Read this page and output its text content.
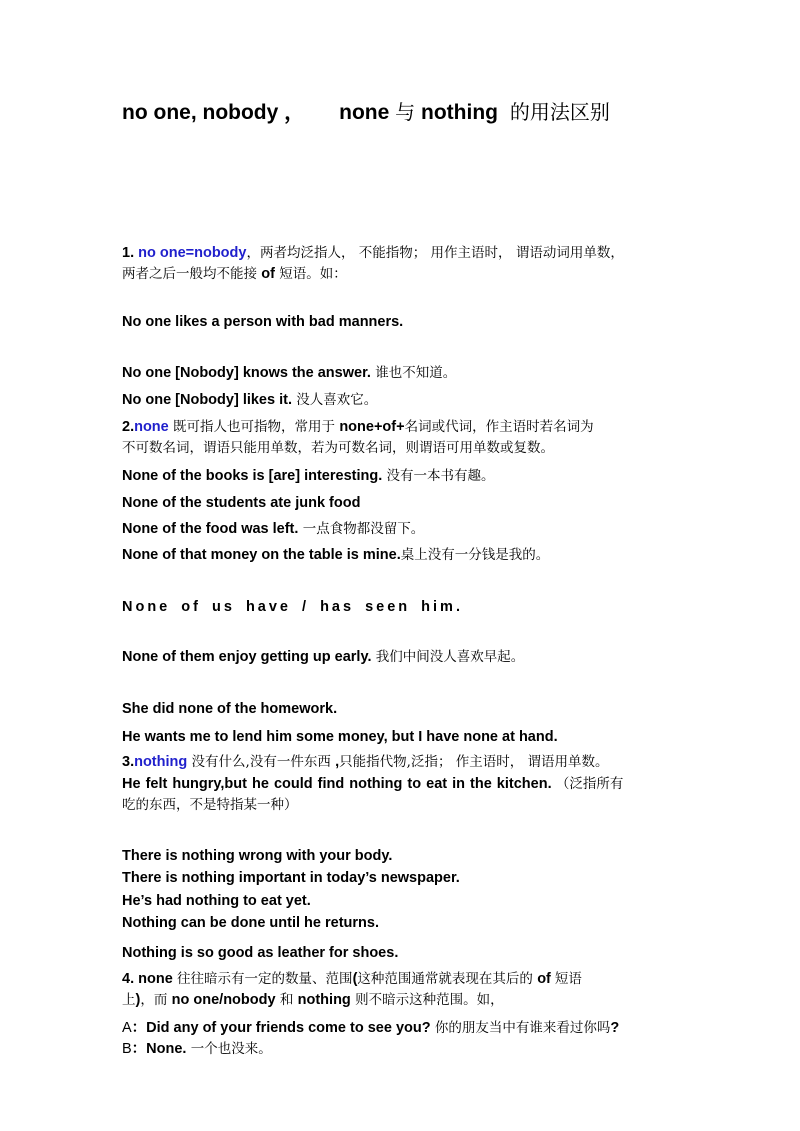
no one, nobody ， none 与 nothing 的用法区别
1. no one=nobody，两者均泛指人， 不能指物； 用作主语时， 谓语动词用单数，
两者之后一般均不能接 of 短语。如：
No one likes a person with bad manners.
No one [Nobody] knows the answer. 谁也不知道。
No one [Nobody] likes it. 没人喜欢它。
2.none 既可指人也可指物，常用于 none+of+名词或代词，作主语时若名词为
不可数名词，谓语只能用单数，若为可数名词，则谓语可用单数或复数。
None of the books is [are] interesting. 没有一本书有趣。
None of the students ate junk food
None of the food was left. 一点食物都没留下。
None of that money on the table is mine.桌上没有一分钱是我的。
None of us have / has seen him.
None of them enjoy getting up early. 我们中间没人喜欢早起。
She did none of the homework.
He wants me to lend him some money, but I have none at hand.
3.nothing 没有什么,没有一件东西 ,只能指代物,泛指； 作主语时， 谓语用单数。
He felt hungry,but he could find nothing to eat in the kitchen. （泛指所有
吃的东西，不是特指某一种）
There is nothing wrong with your body.
There is nothing important in today’s newspaper.
He’s had nothing to eat yet.
Nothing can be done until he returns.
Nothing is so good as leather for shoes.
4. none 往往暗示有一定的数量、范围(这种范围通常就表现在其后的 of 短语
上)，而 no one/nobody 和 nothing 则不暗示这种范围。如，
A：Did any of your friends come to see you? 你的朋友当中有谁来看过你吗?
B：None. 一个也没来。
